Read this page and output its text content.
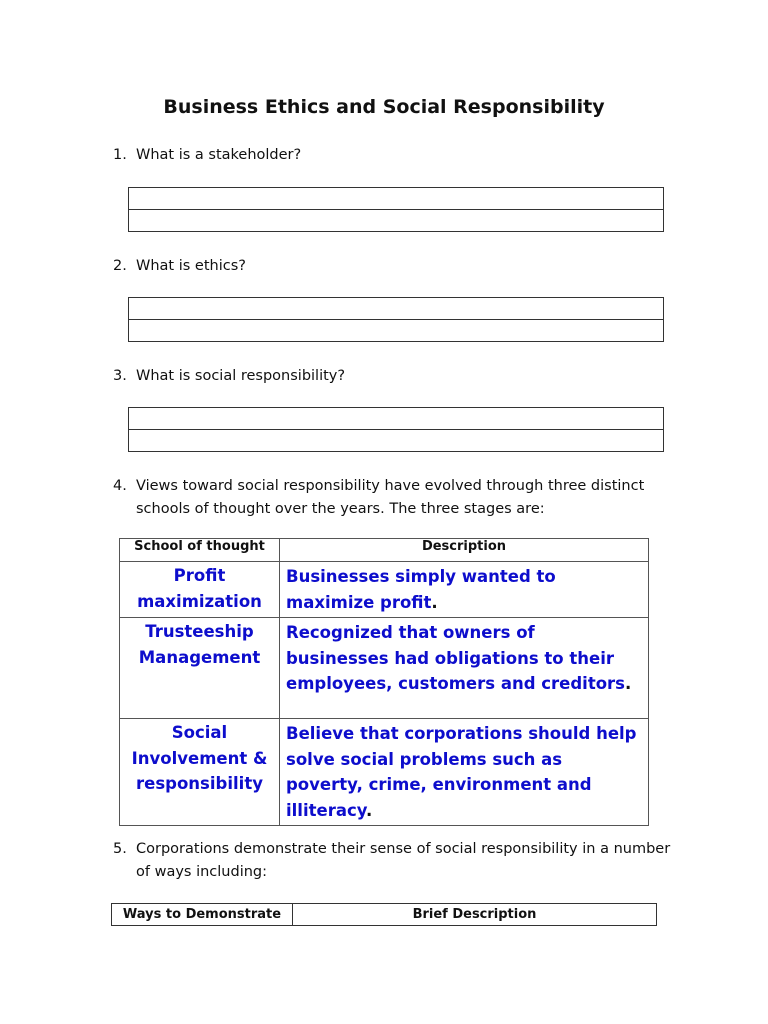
Business Ethics and Social Responsibility
1. What is a stakeholder?
2. What is ethics?
3. What is social responsibility?
4. Views toward social responsibility have evolved through three distinct schools of thought over the years. The three stages are:
School of thought	Description
Profit maximization	Businesses simply wanted to maximize profit.
Trusteeship Management	Recognized that owners of businesses had obligations to their employees, customers and creditors.
Social Involvement & responsibility	Believe that corporations should help solve social problems such as poverty, crime, environment and illiteracy.
5. Corporations demonstrate their sense of social responsibility in a number of ways including:
Ways to Demonstrate	Brief Description
